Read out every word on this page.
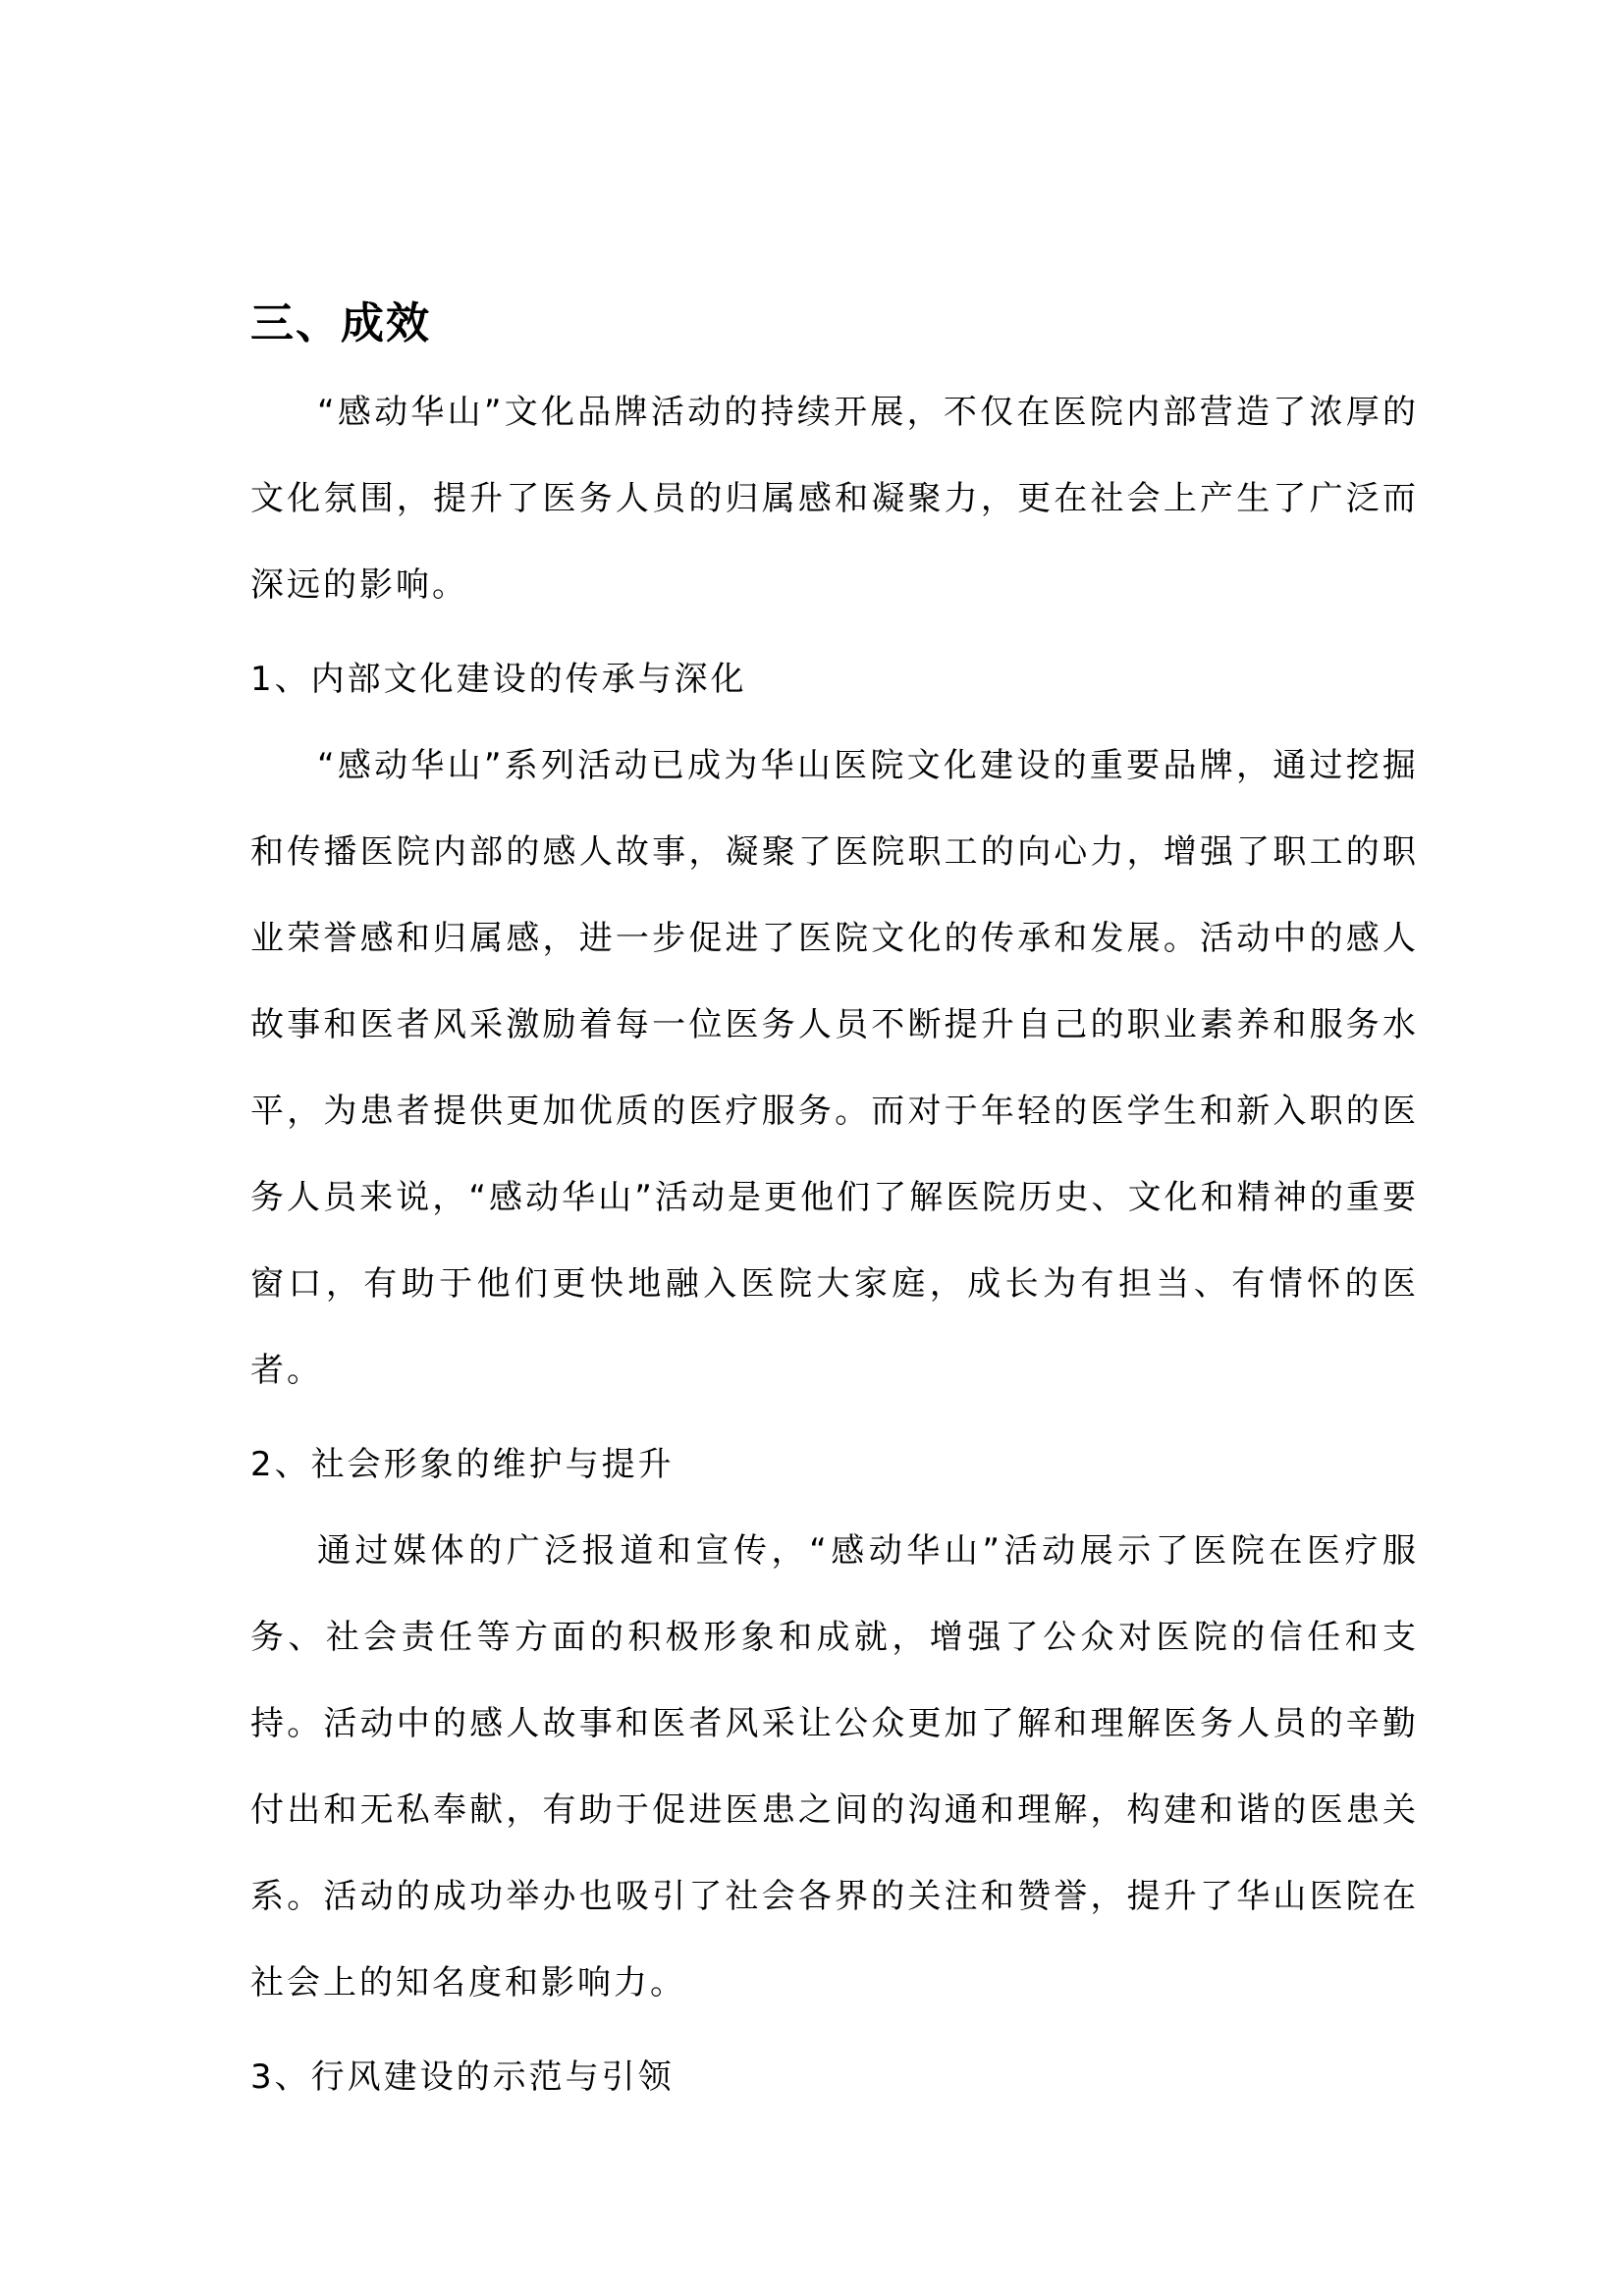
三、成效

“感动华山”文化品牌活动的持续开展，不仅在医院内部营造了浓厚的文化氛围，提升了医务人员的归属感和凝聚力，更在社会上产生了广泛而深远的影响。

1、内部文化建设的传承与深化

“感动华山”系列活动已成为华山医院文化建设的重要品牌，通过挖掘和传播医院内部的感人故事，凝聚了医院职工的向心力，增强了职工的职业荣誉感和归属感，进一步促进了医院文化的传承和发展。活动中的感人故事和医者风采激励着每一位医务人员不断提升自己的职业素养和服务水平，为患者提供更加优质的医疗服务。而对于年轻的医学生和新入职的医务人员来说，“感动华山”活动是更他们了解医院历史、文化和精神的重要窗口，有助于他们更快地融入医院大家庭，成长为有担当、有情怀的医者。

2、社会形象的维护与提升

通过媒体的广泛报道和宣传，“感动华山”活动展示了医院在医疗服务、社会责任等方面的积极形象和成就，增强了公众对医院的信任和支持。活动中的感人故事和医者风采让公众更加了解和理解医务人员的辛勤付出和无私奉献，有助于促进医患之间的沟通和理解，构建和谐的医患关系。活动的成功举办也吸引了社会各界的关注和赞誉，提升了华山医院在社会上的知名度和影响力。

3、行风建设的示范与引领
